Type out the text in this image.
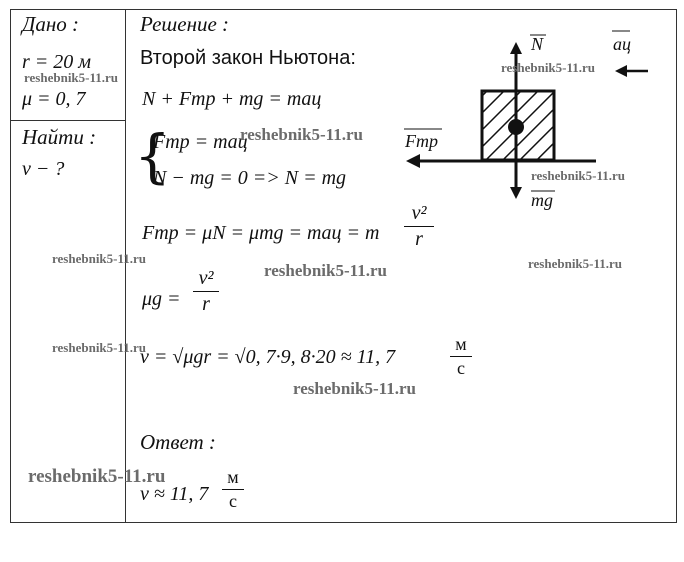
Дано :
r = 20 м
μ = 0, 7
Найти :
v − ?
Решение :
Второй закон Ньютона:
N + Fтр + mg = maц
{
Fтр = maц
N − mg = 0 => N = mg
Fтр = μN = μmg = maц = m
v²
r
μg =
v²
r
v = √μgr = √0, 7·9, 8·20 ≈ 11, 7
м
с
Ответ :
v ≈ 11, 7
м
с
N	aц
Fтр
mg
reshebnik5-11.ru
reshebnik5-11.ru
reshebnik5-11.ru
reshebnik5-11.ru
reshebnik5-11.ru
reshebnik5-11.ru	reshebnik5-11.ru
reshebnik5-11.ru
reshebnik5-11.ru
reshebnik5-11.ru
